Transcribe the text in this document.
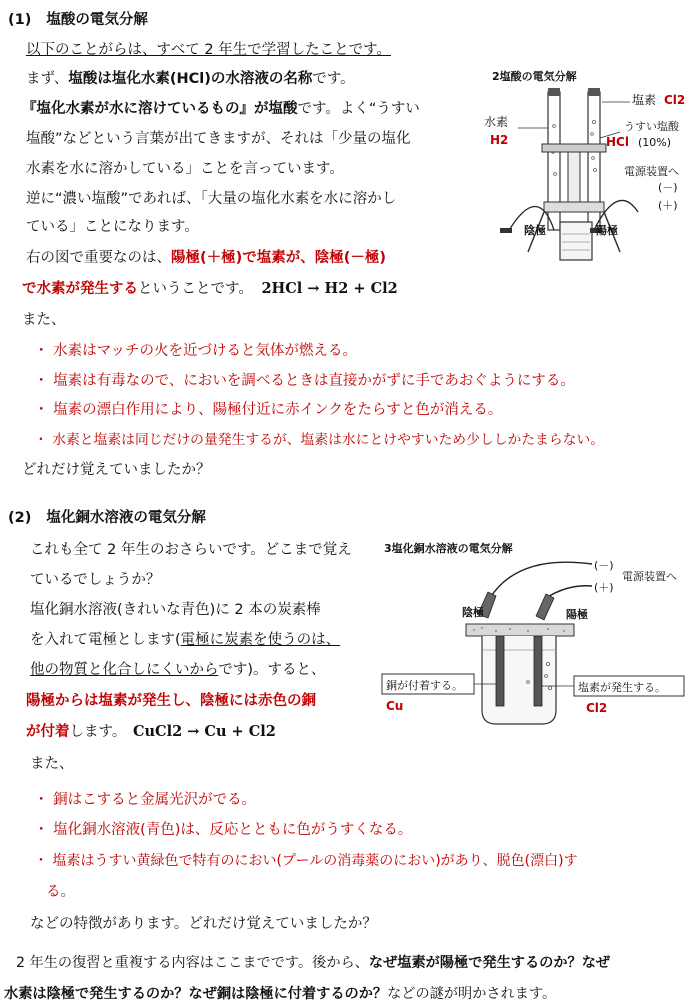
(1) 塩酸の電気分解
以下のことがらは、すべて 2 年生で学習したことです。
まず、塩酸は塩化水素(HCl)の水溶液の名称です。
『塩化水素が水に溶けているもの』が塩酸です。よく“うすい
塩酸”などという言葉が出てきますが、それは「少量の塩化
水素を水に溶かしている」ことを言っています。
逆に“濃い塩酸”であれば、「大量の塩化水素を水に溶かし
ている」ことになります。
右の図で重要なのは、陽極(＋極)で塩素が、陰極(－極)
で水素が発生するということです。 2HCl → H2 + Cl2
また、
・ 水素はマッチの火を近づけると気体が燃える。
・ 塩素は有毒なので、においを調べるときは直接かがずに手であおぐようにする。
・ 塩素の漂白作用により、陽極付近に赤インクをたらすと色が消える。
・ 水素と塩素は同じだけの量発生するが、塩素は水にとけやすいため少ししかたまらない。
どれだけ覚えていましたか？
2塩酸の電気分解
水素
H2
塩素 Cl2
うすい塩酸
HCl (10%)
電源装置へ
(－)
(＋)
陰極	陽極
(2) 塩化銅水溶液の電気分解
これも全て 2 年生のおさらいです。どこまで覚え
ているでしょうか？
塩化銅水溶液(きれいな青色)に 2 本の炭素棒
を入れて電極とします(電極に炭素を使うのは、
他の物質と化合しにくいからです)。すると、
陽極からは塩素が発生し、陰極には赤色の銅
が付着します。 CuCl2 → Cu + Cl2
また、
・ 銅はこすると金属光沢がでる。
・ 塩化銅水溶液(青色)は、反応とともに色がうすくなる。
・ 塩素はうすい黄緑色で特有のにおい(プールの消毒薬のにおい)があり、脱色(漂白)す
る。
などの特徴があります。どれだけ覚えていましたか？
3塩化銅水溶液の電気分解
(－)
(＋)
電源装置へ
陰極	陽極
銅が付着する。
Cu
塩素が発生する。
Cl2
2 年生の復習と重複する内容はここまでです。後から、なぜ塩素が陽極で発生するのか？なぜ
水素は陰極で発生するのか？なぜ銅は陰極に付着するのか？などの謎が明かされます。
